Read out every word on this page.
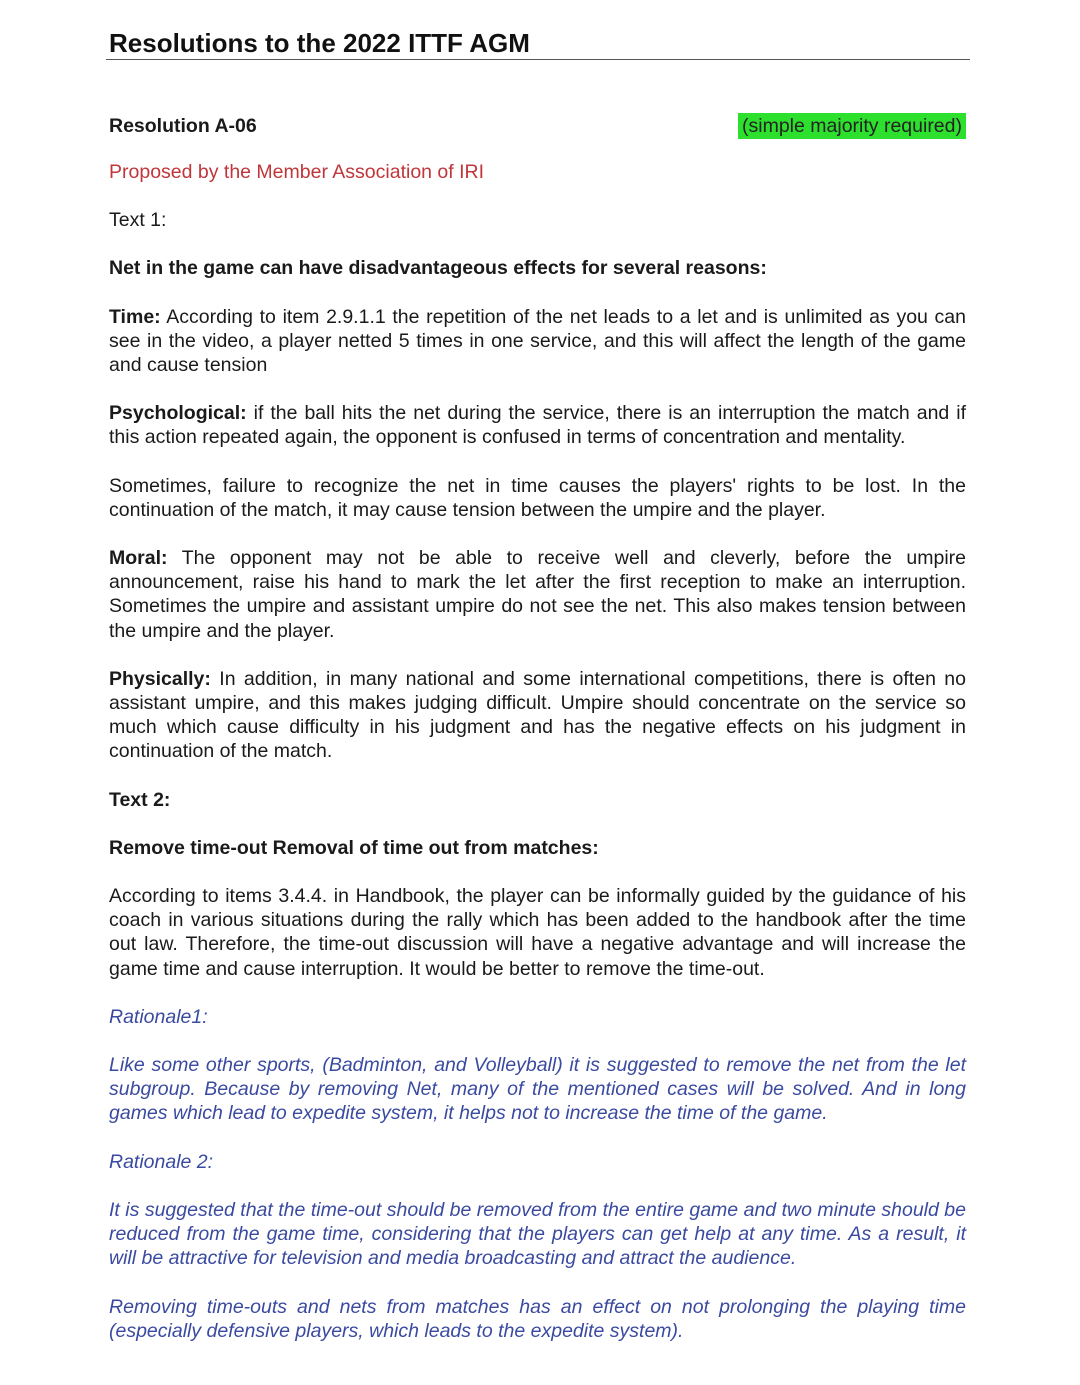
Resolutions to the 2022 ITTF AGM
Resolution A-06	(simple majority required)

Proposed by the Member Association of IRI

Text 1:

Net in the game can have disadvantageous effects for several reasons:

Time: According to item 2.9.1.1 the repetition of the net leads to a let and is unlimited as you can see in the video, a player netted 5 times in one service, and this will affect the length of the game and cause tension

Psychological: if the ball hits the net during the service, there is an interruption the match and if this action repeated again, the opponent is confused in terms of concentration and mentality.

Sometimes, failure to recognize the net in time causes the players' rights to be lost. In the continuation of the match, it may cause tension between the umpire and the player.

Moral: The opponent may not be able to receive well and cleverly, before the umpire announcement, raise his hand to mark the let after the first reception to make an interruption. Sometimes the umpire and assistant umpire do not see the net. This also makes tension between the umpire and the player.

Physically: In addition, in many national and some international competitions, there is often no assistant umpire, and this makes judging difficult. Umpire should concentrate on the service so much which cause difficulty in his judgment and has the negative effects on his judgment in continuation of the match.

Text 2:

Remove time-out Removal of time out from matches:

According to items 3.4.4. in Handbook, the player can be informally guided by the guidance of his coach in various situations during the rally which has been added to the handbook after the time out law. Therefore, the time-out discussion will have a negative advantage and will increase the game time and cause interruption. It would be better to remove the time-out.

Rationale1:

Like some other sports, (Badminton, and Volleyball) it is suggested to remove the net from the let subgroup. Because by removing Net, many of the mentioned cases will be solved. And in long games which lead to expedite system, it helps not to increase the time of the game.

Rationale 2:

It is suggested that the time-out should be removed from the entire game and two minute should be reduced from the game time, considering that the players can get help at any time. As a result, it will be attractive for television and media broadcasting and attract the audience.

Removing time-outs and nets from matches has an effect on not prolonging the playing time (especially defensive players, which leads to the expedite system).
